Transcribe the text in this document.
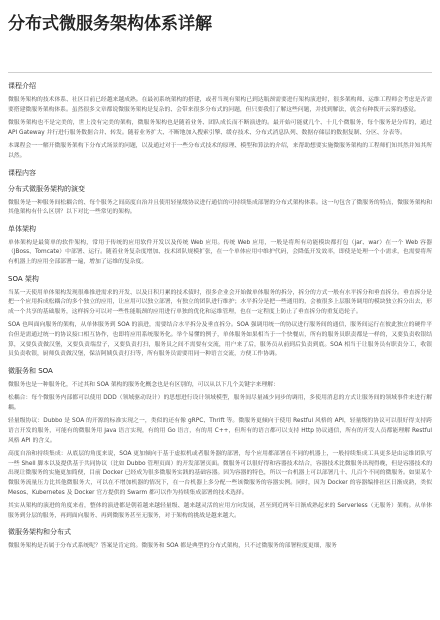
分布式微服务架构体系详解
课程介绍

微服务架构的技术体系、社区目前已经越来越成熟。在最初系统架构的搭建，或者当现有架构已到达瓶颈需要进行架构演进时，很多架构师、运维工程师会考虑是否需要搭建微服务架构体系。虽然很多文章都说微服务架构是复杂的、会带来很多分布式的问题，但只要我们了解这些问题，并找到解法，就会有种拨开云雾的感觉。

微服务架构也不是完美的，世上没有完美的架构，微服务架构也是随着业务、团队成长而不断演进的。最开始可能就几个、十几个微服务，每个服务是分库的，通过 API Gateway 并行进行服务数据合并、转发。随着业务扩大、不断地加入搜索引擎、缓存技术、分布式消息队列、数据存储层的数据复制、分区、分表等。

本课程会一一解开微服务架构下分布式场景的问题，以及通过对于一些分布式技术的原理、模型和算法的介绍，来帮助想要实施微服务架构的工程师们知其然并知其所以然。

课程内容
分布式微服务架构的演变

微服务是一种服务间松耦合的、每个服务之间高度自治并且使用轻量级协议进行通信的可持续集成部署的分布式架构体系。这一句包含了微服务的特点，微服务架构和其他架构有什么区别？以下对比一些常见的架构。

单体架构

单体架构是最简单的软件架构，常用于传统的应用软件开发以及传统 Web 应用。传统 Web 应用，一般是将所有功能模块都打包（jar、war）在一个 Web 容器（JBoss、Tomcate）中部署、运行。随着业务复杂度增加、技术团队规模扩张，在一个单体应用中维护代码，会降低开发效率，即使是处理一个小需求，也需要将所有机器上的应用全部部署一遍，增加了运维的复杂度。

SOA 架构

当某一天使用单体架构发现很难推进需求的开发、以及日积月累的技术债时，很多企业会开始做单体服务的拆分，拆分的方式一般有水平拆分和垂直拆分。垂直拆分是把一个应用拆成松耦合的多个独立的应用，让应用可以独立部署，有独立的团队进行维护；水平拆分是把一些通用的，会被很多上层服务调用的模块独立拆分出去，形成一个共享的基础服务，这样拆分可以对一些性能瓶颈的应用进行单独的优化和运维管理，也在一定程度上防止了垂直拆分的重复造轮子。

SOA 也叫面向服务的架构，从单体服务到 SOA 的演进，需要结合水平拆分及垂直拆分。SOA 强调用统一的协议进行服务间的通信，服务间运行在彼此独立的硬件平台但是需通过统一的协议接口相互协作，也即将应用系统服务化。举个易懂的例子，单体服务如果相当于一个快餐店，所有的服务员职责都是一样的，又要负责收银结算，又要负责做汉堡，又要负责端盘子，又要负责打扫，服务员之间不需要有交流，用户来了后，服务员从前到后负责到底。SOA 相当于让服务员有职责分工，收银员负责收银，厨师负责做汉堡，保洁阿姨负责打扫等，所有服务员需要用同一种语言交流，方便工作协调。

微服务和 SOA

微服务也是一种服务化，不过其和 SOA 架构的服务化概念也是有区别的，可以从以下几个关键字来理解：

松耦合：每个微服务内部都可以使用 DDD（领域驱动设计）的思想进行设计领域模型，服务间尽量减少同步的调用，多使用消息的方式让服务间的领域事件来进行解耦。

轻量级协议：Dubbo 是 SOA 的开源的标准实现之一，类似的还有像 gRPC、Thrift 等。微服务更倾向于使用 Restful 风格的 API，轻量级的协议可以很好得支持跨语言开发的服务，可能有的微服务用 Java 语言实现，有的用 Go 语言，有的用 C++，但所有的语言都可以支持 Http 协议通信，所有的开发人员都能理解 Restful 风格 API 的含义。

高度自治和持续集成：从底层的角度来说，SOA 更加倾向于基于虚拟机或者服务器的部署，每个应用都部署在不同的机器上，一般持续集成工具更多是由运维团队写一些 Shell 脚本以及提供基于共同协议（比如 Dubbo 管理页面）的开发部署页面。微服务可以很好得和容器技术结合，容器技术比微服务出现得晚，但是容器技术的出现让微服务的实施更加简便，目前 Docker 已经成为很多微服务实践的基础容器。因为容器的特色，所以一台机器上可以部署几十、几百个不同的微服务。如果某个微服务流量压力比其他微服务大，可以在不增加机器的情况下，在一台机器上多分配一些该微服务的容器实例。同时，因为 Docker 的容器编排社区日渐成熟，类似 Mesos、Kubernetes 及 Docker 官方提供的 Swarm 都可以作为持续集成部署的技术选择。

其实从架构的演进的角度来看，整体的演进都是朝着越来越轻量级、越来越灵活的应用方向发展，甚至到近两年日渐成熟起来的 Serverless（无服务）架构。从单体服务到分层的服务，再到面向服务、再到微服务甚至无服务，对于架构的挑战是越来越大。

微服务架构和分布式

微服务架构是否属于分布式系统呢？答案是肯定的。微服务和 SOA 都是典型的分布式架构，只不过微服务的部署粒度更细，服务
